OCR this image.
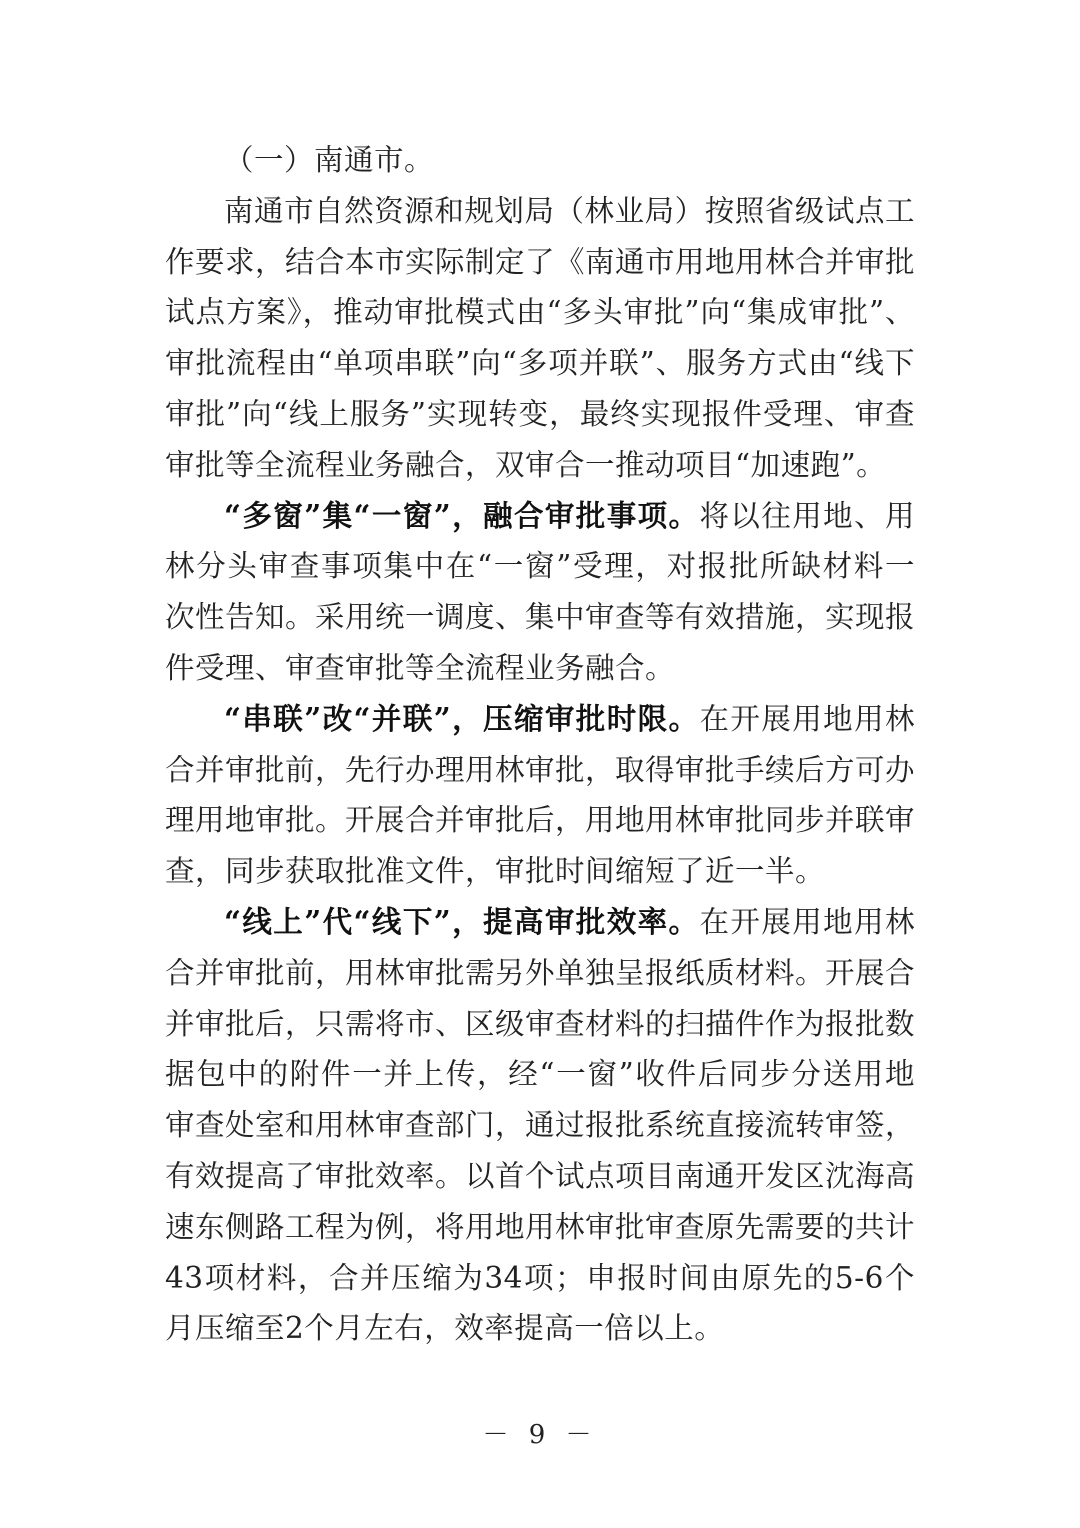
（一）南通市。

南通市自然资源和规划局（林业局）按照省级试点工作要求，结合本市实际制定了《南通市用地用林合并审批试点方案》，推动审批模式由“多头审批”向“集成审批”、审批流程由“单项串联”向“多项并联”、服务方式由“线下审批”向“线上服务”实现转变，最终实现报件受理、审查审批等全流程业务融合，双审合一推动项目“加速跑”。

“多窗”集“一窗”，融合审批事项。将以往用地、用林分头审查事项集中在“一窗”受理，对报批所缺材料一次性告知。采用统一调度、集中审查等有效措施，实现报件受理、审查审批等全流程业务融合。

“串联”改“并联”，压缩审批时限。在开展用地用林合并审批前，先行办理用林审批，取得审批手续后方可办理用地审批。开展合并审批后，用地用林审批同步并联审查，同步获取批准文件，审批时间缩短了近一半。

“线上”代“线下”，提高审批效率。在开展用地用林合并审批前，用林审批需另外单独呈报纸质材料。开展合并审批后，只需将市、区级审查材料的扫描件作为报批数据包中的附件一并上传，经“一窗”收件后同步分送用地审查处室和用林审查部门，通过报批系统直接流转审签，有效提高了审批效率。以首个试点项目南通开发区沈海高速东侧路工程为例，将用地用林审批审查原先需要的共计43项材料，合并压缩为34项；申报时间由原先的5-6个月压缩至2个月左右，效率提高一倍以上。

－ 9 －
